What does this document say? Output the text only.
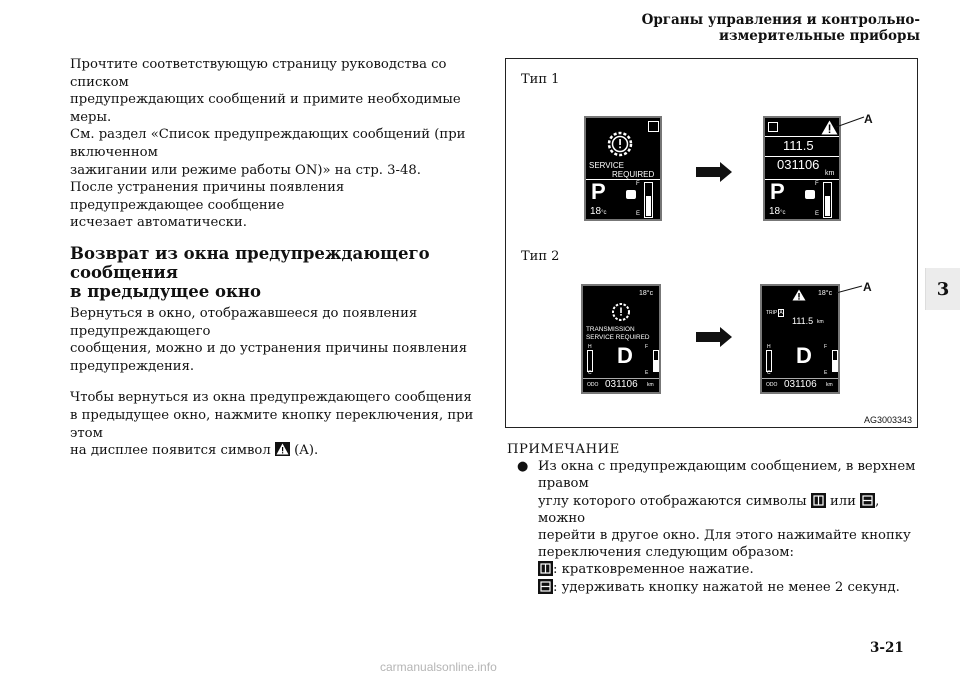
Органы управления и контрольно-измерительные приборы

Прочтите соответствующую страницу руководства со списком

предупреждающих сообщений и примите необходимые меры.

См. раздел «Список предупреждающих сообщений (при включенном

зажигании или режиме работы ON)» на стр. 3-48.

После устранения причины появления предупреждающее сообщение

исчезает автоматически.

Возврат из окна предупреждающего сообщения
в предыдущее окно

Вернуться в окно, отображавшееся до появления предупреждающего

сообщения, можно и до устранения причины появления

предупреждения.

Чтобы вернуться из окна предупреждающего сообщения

в предыдущее окно, нажмите кнопку переключения, при этом

на дисплее появится символ (A).

Тип 1
Тип 2
AG3003343
SERVICE
REQUIRED
P
18°c
F
E
111.5
031106
km
P
18°c
F
E
A
18°c
TRANSMISSION
SERVICE REQUIRED
H
C
D F
E
ODO 031106 km
18°c
TRIP A
111.5 km
H
C
D F
E
ODO 031106 km
A
ПРИМЕЧАНИЕ
● Из окна с предупреждающим сообщением, в верхнем правом
углу которого отображаются символы или , можно
перейти в другое окно. Для этого нажимайте кнопку
переключения следующим образом:
: кратковременное нажатие.
: удерживать кнопку нажатой не менее 2 секунд.
3
3-21
carmanualsonline.info
